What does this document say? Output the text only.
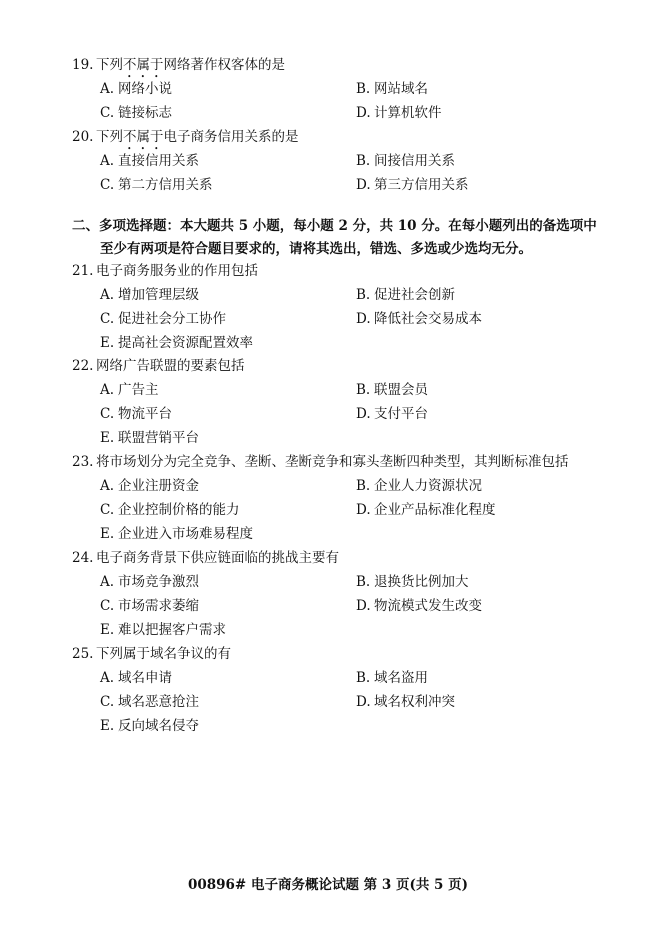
19. 下列不属于网络著作权客体的是
A. 网络小说	B. 网站域名
C. 链接标志	D. 计算机软件
20. 下列不属于电子商务信用关系的是
A. 直接信用关系	B. 间接信用关系
C. 第二方信用关系	D. 第三方信用关系
二、多项选择题：本大题共 5 小题，每小题 2 分，共 10 分。在每小题列出的备选项中
至少有两项是符合题目要求的，请将其选出，错选、多选或少选均无分。
21. 电子商务服务业的作用包括
A. 增加管理层级	B. 促进社会创新
C. 促进社会分工协作	D. 降低社会交易成本
E. 提高社会资源配置效率
22. 网络广告联盟的要素包括
A. 广告主	B. 联盟会员
C. 物流平台	D. 支付平台
E. 联盟营销平台
23. 将市场划分为完全竞争、垄断、垄断竞争和寡头垄断四种类型，其判断标准包括
A. 企业注册资金	B. 企业人力资源状况
C. 企业控制价格的能力	D. 企业产品标准化程度
E. 企业进入市场难易程度
24. 电子商务背景下供应链面临的挑战主要有
A. 市场竞争激烈	B. 退换货比例加大
C. 市场需求萎缩	D. 物流模式发生改变
E. 难以把握客户需求
25. 下列属于域名争议的有
A. 域名申请	B. 域名盗用
C. 域名恶意抢注	D. 域名权利冲突
E. 反向域名侵夺
00896# 电子商务概论试题 第 3 页(共 5 页)
